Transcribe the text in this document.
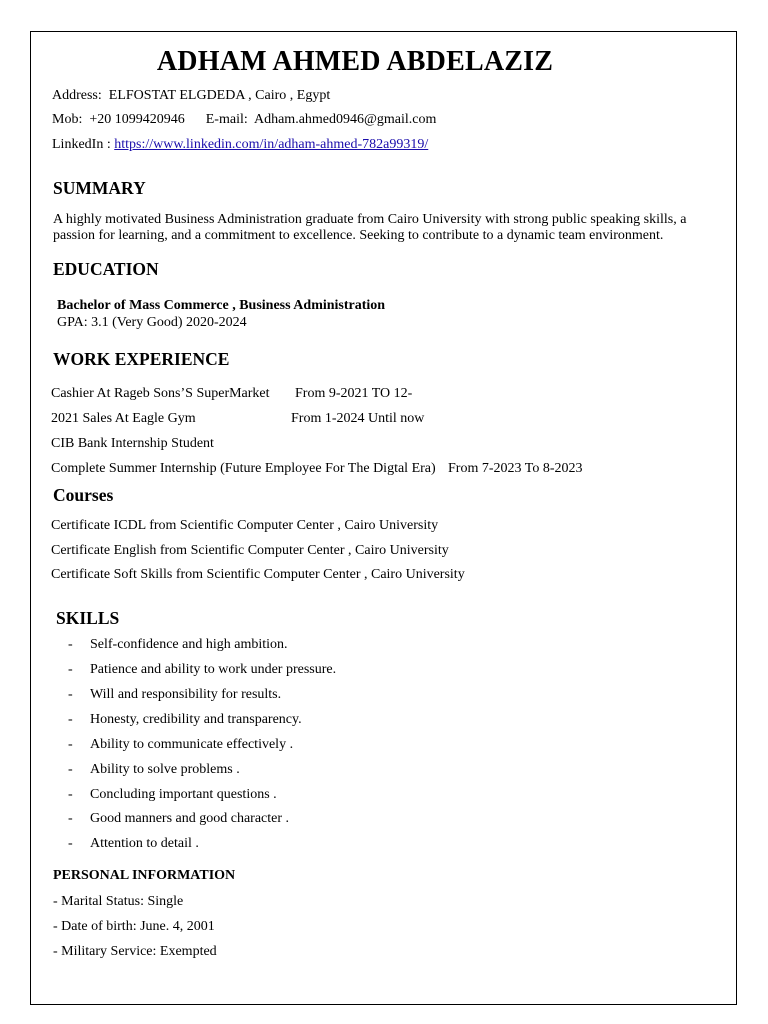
ADHAM AHMED ABDELAZIZ
Address: ELFOSTAT ELGDEDA , Cairo , Egypt
Mob: +20 1099420946 E-mail: Adham.ahmed0946@gmail.com
LinkedIn : https://www.linkedin.com/in/adham-ahmed-782a99319/
SUMMARY
A highly motivated Business Administration graduate from Cairo University with strong public speaking skills, a passion for learning, and a commitment to excellence. Seeking to contribute to a dynamic team environment.
EDUCATION
Bachelor of Mass Commerce , Business Administration
GPA: 3.1 (Very Good) 2020-2024
WORK EXPERIENCE
Cashier At Rageb Sons’S SuperMarket From 9-2021 TO 12-
2021 Sales At Eagle Gym	From 1-2024 Until now
CIB Bank Internship Student
Complete Summer Internship (Future Employee For The Digtal Era) From 7-2023 To 8-2023
Courses
Certificate ICDL from Scientific Computer Center , Cairo University
Certificate English from Scientific Computer Center , Cairo University
Certificate Soft Skills from Scientific Computer Center , Cairo University
SKILLS
- Self-confidence and high ambition.
- Patience and ability to work under pressure.
- Will and responsibility for results.
- Honesty, credibility and transparency.
- Ability to communicate effectively .
- Ability to solve problems .
- Concluding important questions .
- Good manners and good character .
- Attention to detail .
PERSONAL INFORMATION
- Marital Status: Single
- Date of birth: June. 4, 2001
- Military Service: Exempted
